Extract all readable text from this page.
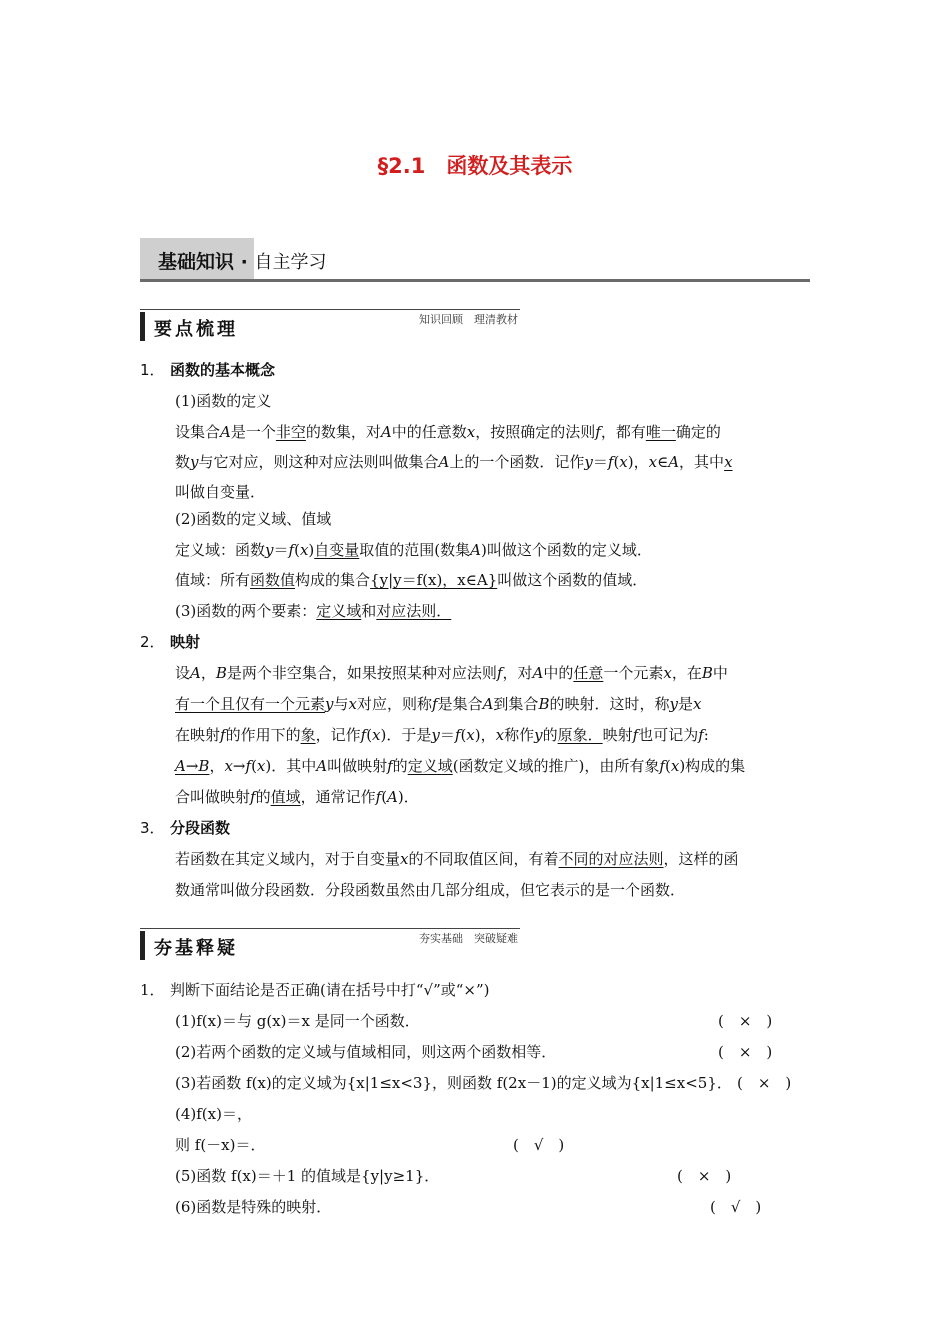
§2.1　函数及其表示
基础知识 · 自主学习
要点梳理	知识回顾　理清教材
1． 函数的基本概念
(1)函数的定义
设集合A是一个非空的数集，对A中的任意数x，按照确定的法则f，都有唯一确定的
数y与它对应，则这种对应法则叫做集合A上的一个函数．记作y＝f(x)，x∈A，其中x
叫做自变量．
(2)函数的定义域、值域
定义域：函数y＝f(x)自变量取值的范围(数集A)叫做这个函数的定义域．
值域：所有函数值构成的集合{y|y＝f(x)，x∈A}叫做这个函数的值域．
(3)函数的两个要素：定义域和对应法则．
2． 映射
设A，B是两个非空集合，如果按照某种对应法则f，对A中的任意一个元素x，在B中
有一个且仅有一个元素y与x对应，则称f是集合A到集合B的映射．这时，称y是x
在映射f的作用下的象，记作f(x)．于是y＝f(x)，x称作y的原象．映射f也可记为f:
A→B，x→f(x)．其中A叫做映射f的定义域(函数定义域的推广)，由所有象f(x)构成的集
合叫做映射f的值域，通常记作f(A)．
3． 分段函数
若函数在其定义域内，对于自变量x的不同取值区间，有着不同的对应法则，这样的函
数通常叫做分段函数．分段函数虽然由几部分组成，但它表示的是一个函数．
夯基释疑	夯实基础　突破疑难
1． 判断下面结论是否正确(请在括号中打“√”或“×”)
(1)f(x)＝与 g(x)＝x 是同一个函数．	(　×　)
(2)若两个函数的定义域与值域相同，则这两个函数相等．	(　×　)
(3)若函数 f(x)的定义域为{x|1≤x<3}，则函数 f(2x－1)的定义域为{x|1≤x<5}． (　×　)
(4)f(x)＝，
则 f(－x)＝．	(　√　)
(5)函数 f(x)＝＋1 的值域是{y|y≥1}．	(　×　)
(6)函数是特殊的映射．	(　√　)
